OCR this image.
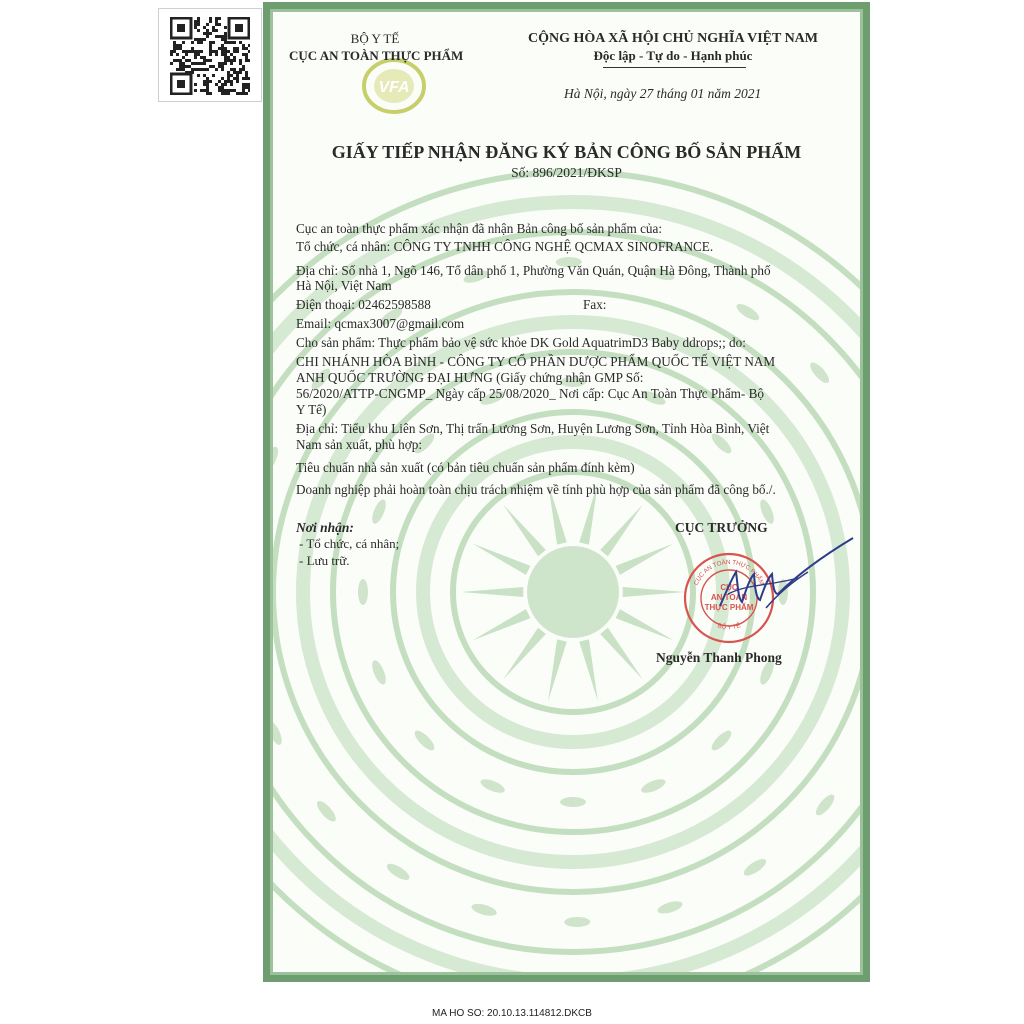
VFA
BỘ Y TẾ
CỤC AN TOÀN THỰC PHẨM
CỘNG HÒA XÃ HỘI CHỦ NGHĨA VIỆT NAM
Độc lập - Tự do - Hạnh phúc
Hà Nội, ngày 27 tháng 01 năm 2021
GIẤY TIẾP NHẬN ĐĂNG KÝ BẢN CÔNG BỐ SẢN PHẨM
Số: 896/2021/ĐKSP
Cục an toàn thực phẩm xác nhận đã nhận Bản công bố sản phẩm của:
Tổ chức, cá nhân: CÔNG TY TNHH CÔNG NGHỆ QCMAX SINOFRANCE.
Địa chỉ: Số nhà 1, Ngõ 146, Tổ dân phố 1, Phường Văn Quán, Quận Hà Đông, Thành phố
Hà Nội, Việt Nam
Điện thoại: 02462598588	Fax:
Email: qcmax3007@gmail.com
Cho sản phẩm: Thực phẩm bảo vệ sức khỏe DK Gold AquatrimD3 Baby ddrops;; do:
CHI NHÁNH HÒA BÌNH - CÔNG TY CỔ PHẦN DƯỢC PHẨM QUỐC TẾ VIỆT NAM
ANH QUỐC TRƯỜNG ĐẠI HƯNG (Giấy chứng nhận GMP Số:
56/2020/ATTP-CNGMP_ Ngày cấp 25/08/2020_ Nơi cấp: Cục An Toàn Thực Phẩm- Bộ
Y Tế)
Địa chỉ: Tiểu khu Liên Sơn, Thị trấn Lương Sơn, Huyện Lương Sơn, Tỉnh Hòa Bình, Việt
Nam sản xuất, phù hợp:
Tiêu chuẩn nhà sản xuất (có bản tiêu chuẩn sản phẩm đính kèm)
Doanh nghiệp phải hoàn toàn chịu trách nhiệm về tính phù hợp của sản phẩm đã công bố./.
Nơi nhận:
- Tổ chức, cá nhân;
- Lưu trữ.
CỤC TRƯỞNG
CỤC AN TOÀN THỰC PHẨM
BỘ Y TẾ
CỤC
AN TOÀN
THỰC PHẨM
Nguyễn Thanh Phong
MA HO SO: 20.10.13.114812.DKCB
